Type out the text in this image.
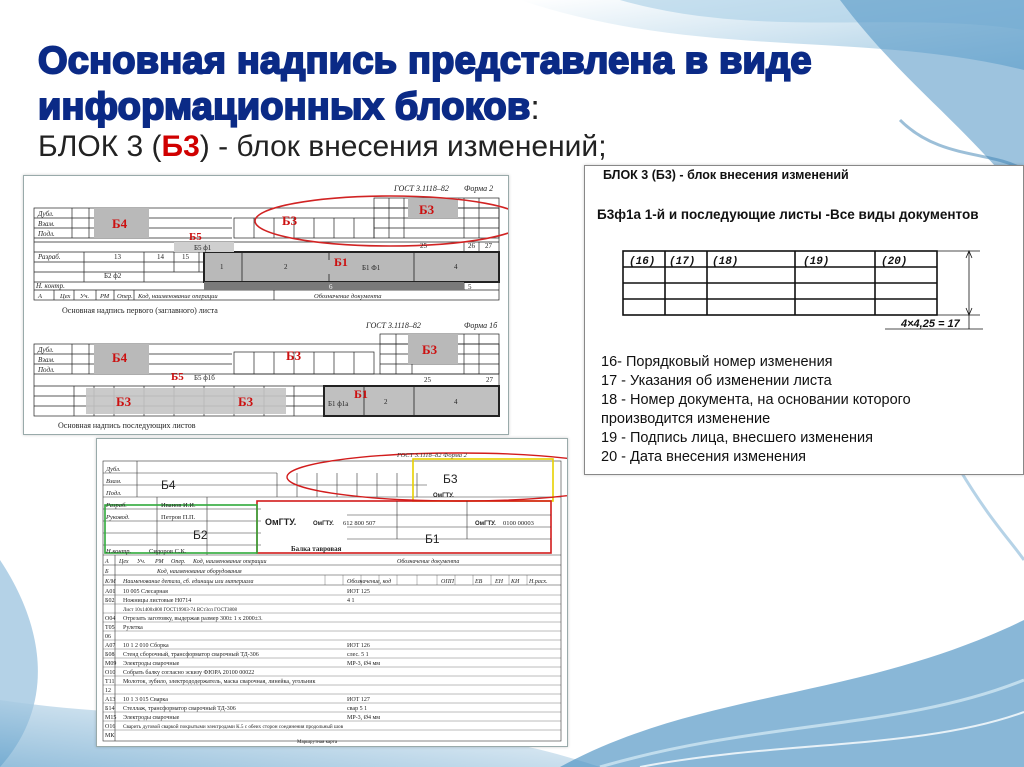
Основная надпись представлена в виде
информационных блоков:
БЛОК 3 (Б3) - блок внесения изменений;
ГОСТ 3.1118–82 Форма 2
Дубл.
Взам.
Подл.
Б4	Б3
Б3
Б5
Б5 ф1	25	26 27
Разраб.	13	14	15
1	2	Б1 Ф1	4
Б1
Б2 ф2
6	5
Н. контр.
А	Цех Уч. РМ Опер. Код, наименование операции	Обозначение документа
Основная надпись первого (заглавного) листа
ГОСТ 3.1118–82	Форма 1б
Дубл.
Взам.
Подл.
Б4	Б3	Б3
Б5 Б5 ф1б	25	27
Б3	Б3	Б1
Б1 ф1а	2	4
Основная надпись последующих листов
БЛОК 3 (Б3) - блок внесения изменений
Б3ф1а 1-й и последующие листы -Все виды документов
(16) (17) (18)	(19)	(20)
4×4,25 = 17
16- Порядковый номер изменения
17 - Указания об изменении листа
18 - Номер документа, на основании которого
производится изменение
19 - Подпись лица, внесшего изменения
20 - Дата внесения изменения
ГОСТ 3.1118–82 Форма 2
Дубл.
Взам.
Подл.
Б4	Б3
Разраб.	Иванов И.И.
Руковод.	Петров П.П.
Б2
Н.контр.	Сидоров С.К.
ОмГТУ.	ОмГТУ. 612 800 507	ОмГТУ. 0100 00003
ОмГТУ.
Б1
Балка тавровая
А Цех Уч. РМ Опер. Код, наименование операции	Обозначение документа
Б	Код, наименование оборудования
К/М Наименование детали, сб. единицы или материала	Обозначение, код	ОПП	ЕВ ЕН КИ Н.расх.
А01 10 005 Слесарная	ИОТ 125
Б02 Ножницы листовые Н0714	4 1
Лист 10х1400х800 ГОСТ19903-74 ВСт3сп ГОСТ3808
О04 Отрезать заготовку, выдержав размер 300± 1 х 2000±3.
Т05 Рулетка
06
А07 10 1 2 010 Сборка	ИОТ 126
Б08 Стенд сборочный, трансформатор сварочный ТД-306	слес. 5 1
М09 Электроды сварочные	МР-3, Ø4 мм
О10 Собрать балку согласно эскизу ФЮРА 20100 00022
Т11 Молоток, зубило, электрододержатель, маска сварочная, линейка, угольник
12
А13 10 1 3 015 Сварка	ИОТ 127
Б14 Стеллаж, трансформатор сварочный ТД-306	свар 5 1
М15 Электроды сварочные	МР-3, Ø4 мм
О16 Сварить дуговой сваркой покрытыми электродами К.5 с обеих сторон соединения продольный шов
МК
Маршрутная карта
